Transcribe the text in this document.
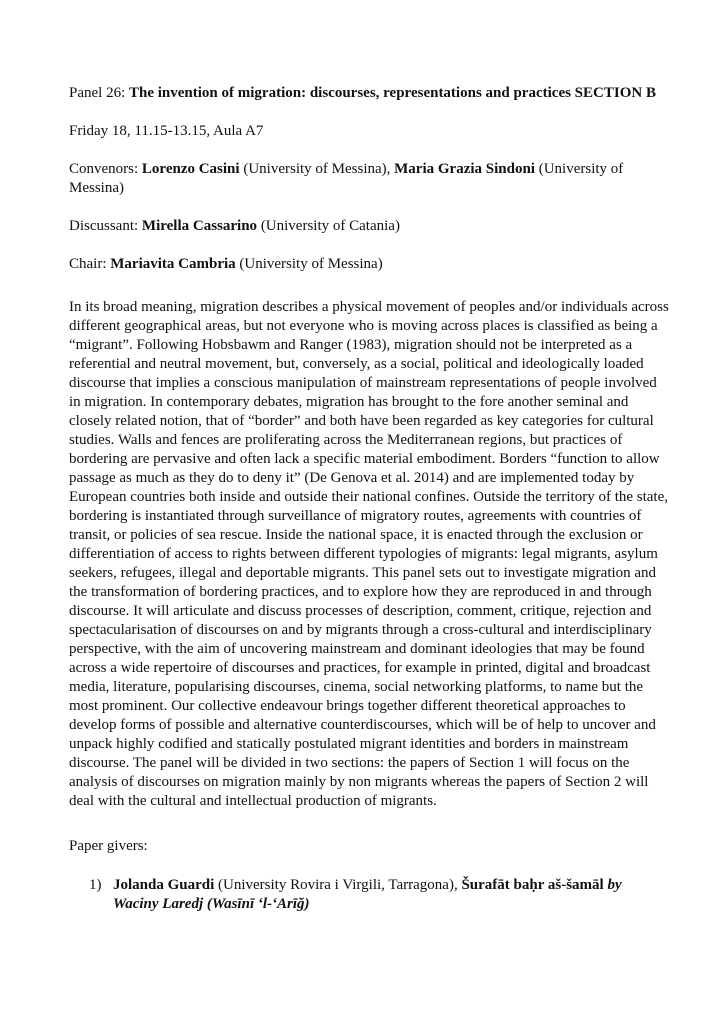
Panel 26: The invention of migration: discourses, representations and practices SECTION B

Friday 18, 11.15-13.15, Aula A7

Convenors: Lorenzo Casini (University of Messina), Maria Grazia Sindoni (University of

Messina)

Discussant: Mirella Cassarino (University of Catania)

Chair: Mariavita Cambria (University of Messina)

In its broad meaning, migration describes a physical movement of peoples and/or individuals across
different geographical areas, but not everyone who is moving across places is classified as being a
“migrant”. Following Hobsbawm and Ranger (1983), migration should not be interpreted as a
referential and neutral movement, but, conversely, as a social, political and ideologically loaded
discourse that implies a conscious manipulation of mainstream representations of people involved
in migration. In contemporary debates, migration has brought to the fore another seminal and
closely related notion, that of “border” and both have been regarded as key categories for cultural
studies. Walls and fences are proliferating across the Mediterranean regions, but practices of
bordering are pervasive and often lack a specific material embodiment. Borders “function to allow
passage as much as they do to deny it” (De Genova et al. 2014) and are implemented today by
European countries both inside and outside their national confines. Outside the territory of the state,
bordering is instantiated through surveillance of migratory routes, agreements with countries of
transit, or policies of sea rescue. Inside the national space, it is enacted through the exclusion or
differentiation of access to rights between different typologies of migrants: legal migrants, asylum
seekers, refugees, illegal and deportable migrants. This panel sets out to investigate migration and
the transformation of bordering practices, and to explore how they are reproduced in and through
discourse. It will articulate and discuss processes of description, comment, critique, rejection and
spectacularisation of discourses on and by migrants through a cross-cultural and interdisciplinary
perspective, with the aim of uncovering mainstream and dominant ideologies that may be found
across a wide repertoire of discourses and practices, for example in printed, digital and broadcast
media, literature, popularising discourses, cinema, social networking platforms, to name but the
most prominent. Our collective endeavour brings together different theoretical approaches to
develop forms of possible and alternative counterdiscourses, which will be of help to uncover and
unpack highly codified and statically postulated migrant identities and borders in mainstream
discourse. The panel will be divided in two sections: the papers of Section 1 will focus on the
analysis of discourses on migration mainly by non migrants whereas the papers of Section 2 will
deal with the cultural and intellectual production of migrants.
Paper givers:
1) Jolanda Guardi (University Rovira i Virgili, Tarragona), Šurafāt baḥr aš-šamāl by
Waciny Laredj (Wasīnī ‘l-‘Arīğ)
